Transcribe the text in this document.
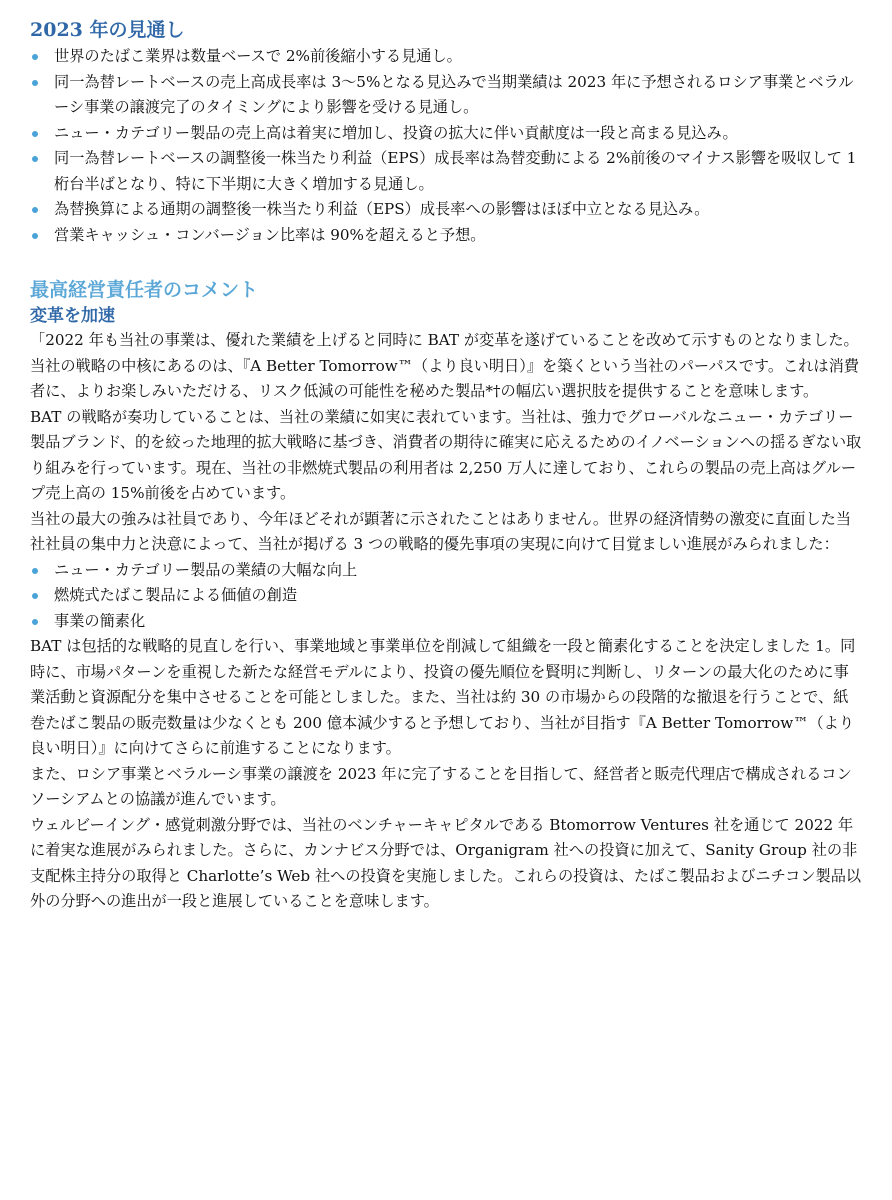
2023 年の見通し
世界のたばこ業界は数量ベースで 2%前後縮小する見通し。
同一為替レートベースの売上高成長率は 3～5%となる見込みで当期業績は 2023 年に予想されるロシア事業とベラルーシ事業の譲渡完了のタイミングにより影響を受ける見通し。
ニュー・カテゴリー製品の売上高は着実に増加し、投資の拡大に伴い貢献度は一段と高まる見込み。
同一為替レートベースの調整後一株当たり利益（EPS）成長率は為替変動による 2%前後のマイナス影響を吸収して 1 桁台半ばとなり、特に下半期に大きく増加する見通し。
為替換算による通期の調整後一株当たり利益（EPS）成長率への影響はほぼ中立となる見込み。
営業キャッシュ・コンバージョン比率は 90%を超えると予想。
最高経営責任者のコメント
変革を加速

「2022 年も当社の事業は、優れた業績を上げると同時に BAT が変革を遂げていることを改めて示すものとなりました。

当社の戦略の中核にあるのは、『A Better Tomorrow™（より良い明日）』を築くという当社のパーパスです。これは消費者に、よりお楽しみいただける、リスク低減の可能性を秘めた製品*†の幅広い選択肢を提供することを意味します。

BAT の戦略が奏功していることは、当社の業績に如実に表れています。当社は、強力でグローバルなニュー・カテゴリー製品ブランド、的を絞った地理的拡大戦略に基づき、消費者の期待に確実に応えるためのイノベーションへの揺るぎない取り組みを行っています。現在、当社の非燃焼式製品の利用者は 2,250 万人に達しており、これらの製品の売上高はグループ売上高の 15%前後を占めています。

当社の最大の強みは社員であり、今年ほどそれが顕著に示されたことはありません。世界の経済情勢の激変に直面した当社社員の集中力と決意によって、当社が掲げる 3 つの戦略的優先事項の実現に向けて目覚ましい進展がみられました：

ニュー・カテゴリー製品の業績の大幅な向上
燃焼式たばこ製品による価値の創造
事業の簡素化

BAT は包括的な戦略的見直しを行い、事業地域と事業単位を削減して組織を一段と簡素化することを決定しました 1。同時に、市場パターンを重視した新たな経営モデルにより、投資の優先順位を賢明に判断し、リターンの最大化のために事業活動と資源配分を集中させることを可能としました。また、当社は約 30 の市場からの段階的な撤退を行うことで、紙巻たばこ製品の販売数量は少なくとも 200 億本減少すると予想しており、当社が目指す『A Better Tomorrow™（より良い明日）』に向けてさらに前進することになります。

また、ロシア事業とベラルーシ事業の譲渡を 2023 年に完了することを目指して、経営者と販売代理店で構成されるコンソーシアムとの協議が進んでいます。

ウェルビーイング・感覚刺激分野では、当社のベンチャーキャピタルである Btomorrow Ventures 社を通じて 2022 年に着実な進展がみられました。さらに、カンナビス分野では、Organigram 社への投資に加えて、Sanity Group 社の非支配株主持分の取得と Charlotte’s Web 社への投資を実施しました。これらの投資は、たばこ製品およびニチコン製品以外の分野への進出が一段と進展していることを意味します。
